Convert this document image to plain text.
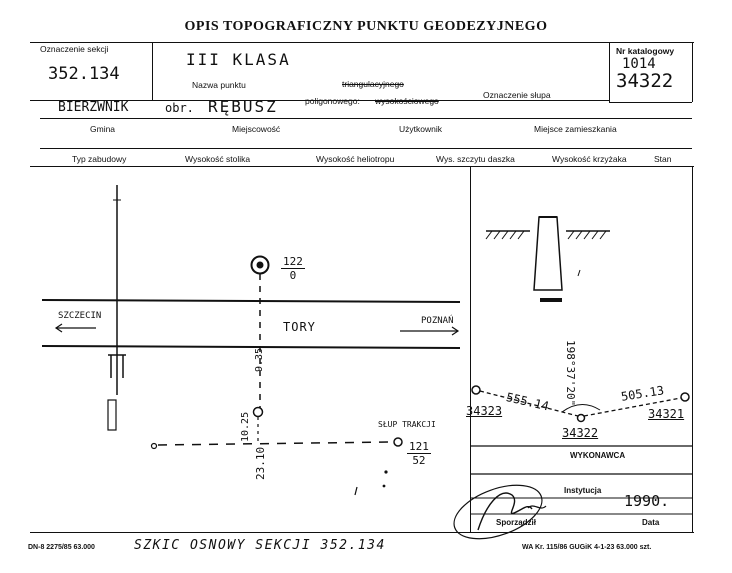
OPIS TOPOGRAFICZNY PUNKTU GEODEZYJNEGO
Oznaczenie sekcji
352.134
III KLASA
Nazwa punktu	triangulacyjnego
poligonowego: wysokościowego
Oznaczenie słupa
Nr katalogowy
1014
34322
BIERZWNIK	obr. RĘBUSZ
Gmina	Miejscowość	Użytkownik	Miejsce zamieszkania
Typ zabudowy	Wysokość stolika	Wysokość heliotropu	Wys. szczytu daszka	Wysokość krzyżaka	Stan
$\frac{122}{0}$
TORY
SZCZECIN	POZNAŃ
9.35
10.25
23.10
SŁUP TRAKCJI
$\frac{121}{52}$
34323
34322
34321
555.14	505.13
198°37'20"
WYKONAWCA
Instytucja
Sporządził	Data
1990.
DN-8 2275/85 63.000	SZKIC OSNOWY SEKCJI 352.134	WA Kr. 115/86 GUGiK 4-1-23 63.000 szt.
